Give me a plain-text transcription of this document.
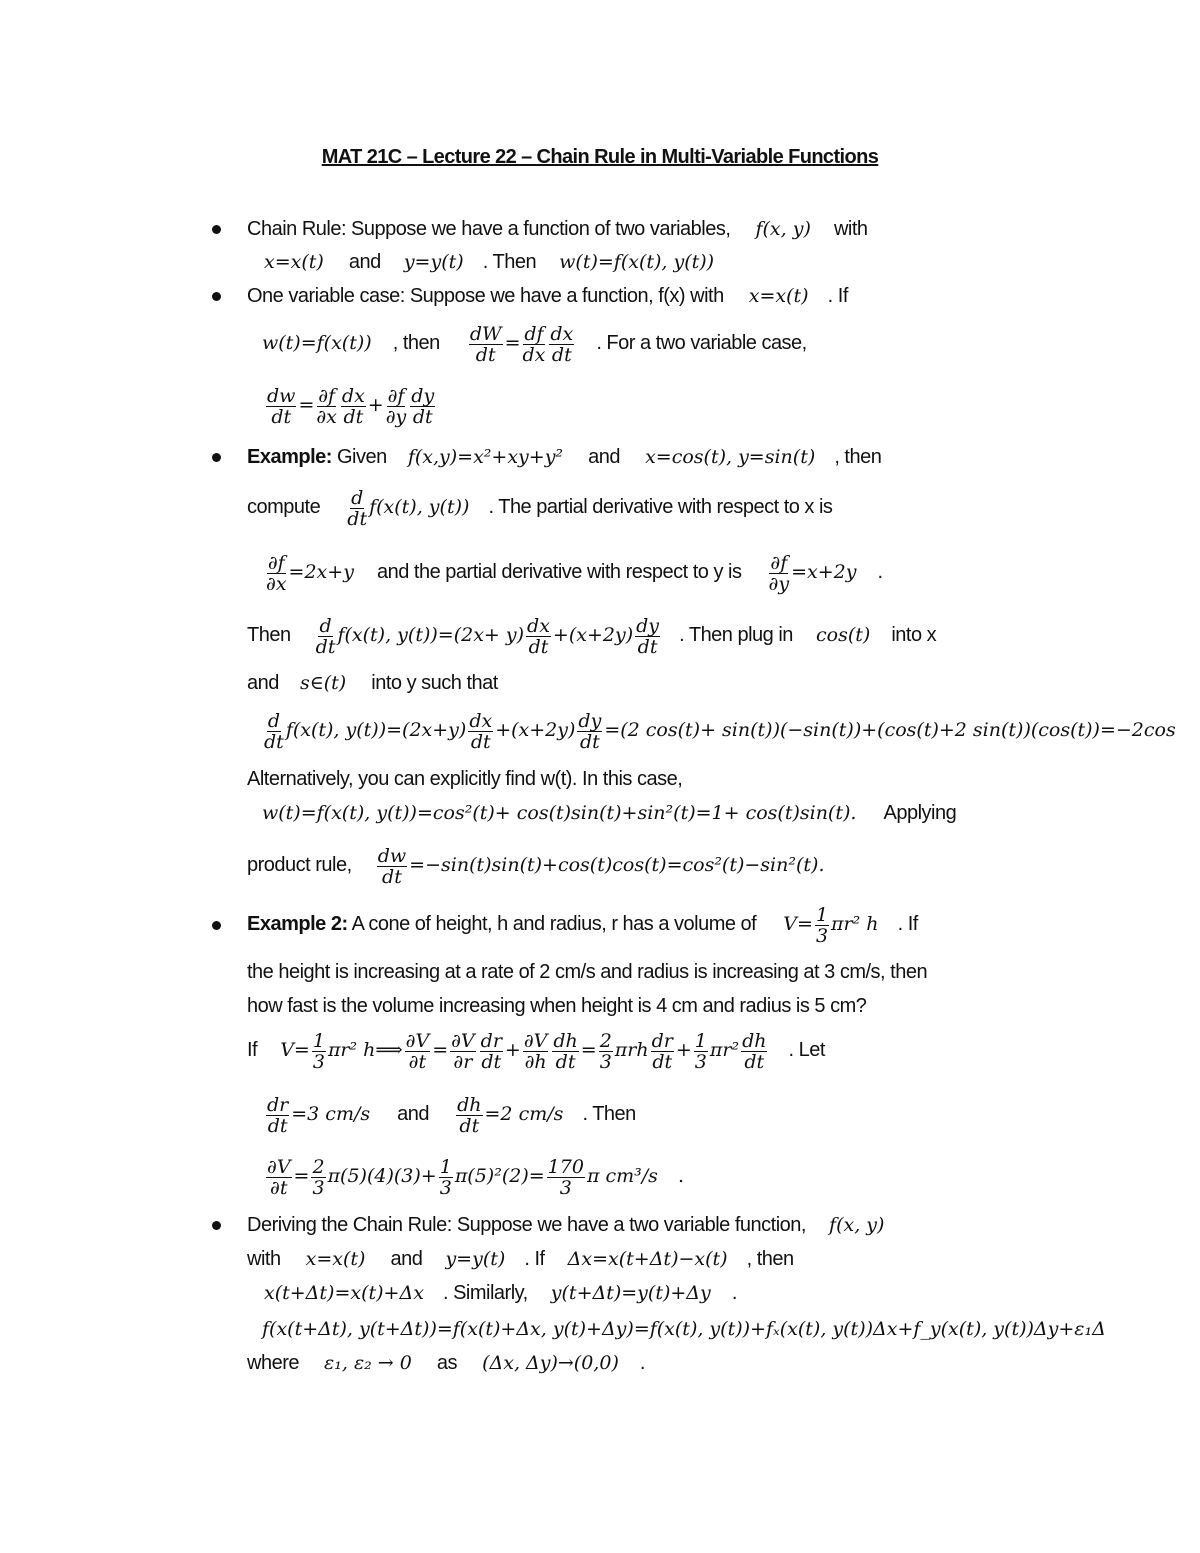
MAT 21C – Lecture 22 – Chain Rule in Multi-Variable Functions
Chain Rule: Suppose we have a function of two variables, f(x, y) with
x=x(t) and y=y(t) . Then w(t)=f(x(t), y(t))
One variable case: Suppose we have a function, f(x) with x=x(t) . If
w(t)=f(x(t)) , then $\frac{dW}{dt} = \frac{df}{dx} \frac{dx}{dt}$ . For a two variable case,
$\frac{dw}{dt} = \frac{\partial f}{\partial x} \frac{dx}{dt} + \frac{\partial f}{\partial y} \frac{dy}{dt}$
Example: Given f(x,y)=x²+xy+y² and x=cos(t), y=sin(t) , then
compute $\frac{d}{dt} f(x(t)$, y(t)) . The partial derivative with respect to x is
$\frac{\partial f}{\partial x} =2x+y$ and the partial derivative with respect to y is $\frac{\partial f}{\partial y} =x+2y$ .
Then $\frac{d}{dt} f(x(t)$, $y(t))=(2x+ y) \frac{dx}{dt} +(x+2y) \frac{dy}{dt}$ . Then plug in cos(t) into x
and s∈(t) into y such that
$\frac{d}{dt} f(x(t)$, $y(t))=(2x+y) \frac{dx}{dt} +(x+2y) \frac{dy}{dt} =(2$ cos(t)+ sin(t))(−sin(t))+(cos(t)+2 sin(t))(cos(t))=−2cos
Alternatively, you can explicitly find w(t). In this case,
w(t)=f(x(t), y(t))=cos²(t)+ cos(t)sin(t)+sin²(t)=1+ cos(t)sin(t). Applying
product rule, $\frac{dw}{dt} =-\sin(t)\sin(t)+\cos(t)\cos(t)=\cos^2(t)-\sin^2(t)$.
Example 2: A cone of height, h and radius, r has a volume of $V= \frac{1}{3} \pi r^2$ h . If
the height is increasing at a rate of 2 cm/s and radius is increasing at 3 cm/s, then
how fast is the volume increasing when height is 4 cm and radius is 5 cm?
If $V= \frac{1}{3} \pi r^2$ h⟹ $\frac{\partial V}{\partial t} = \frac{\partial V}{\partial r} \frac{dr}{dt} + \frac{\partial V}{\partial h} \frac{dh}{dt} = \frac{2}{3}$ πrh $\frac{dr}{dt} + \frac{1}{3} \pi r^2 \frac{dh}{dt}$ . Let
$\frac{dr}{dt} =3$ cm/s and $\frac{dh}{dt} =2$ cm/s . Then
$\frac{\partial V}{\partial t} = \frac{2}{3} \pi(5)(4)(3)+ \frac{1}{3} \pi(5)^2(2)= \frac{170}{3}$ π cm³/s .
Deriving the Chain Rule: Suppose we have a two variable function, f(x, y)
with x=x(t) and y=y(t) . If Δx=x(t+Δt)−x(t) , then
x(t+Δt)=x(t)+Δx . Similarly, y(t+Δt)=y(t)+Δy .
f(x(t+Δt), y(t+Δt))=f(x(t)+Δx, y(t)+Δy)=f(x(t), y(t))+fₓ(x(t), y(t))Δx+f_y(x(t), y(t))Δy+ε₁Δ
where ε₁, ε₂ → 0 as (Δx, Δy)→(0,0) .
